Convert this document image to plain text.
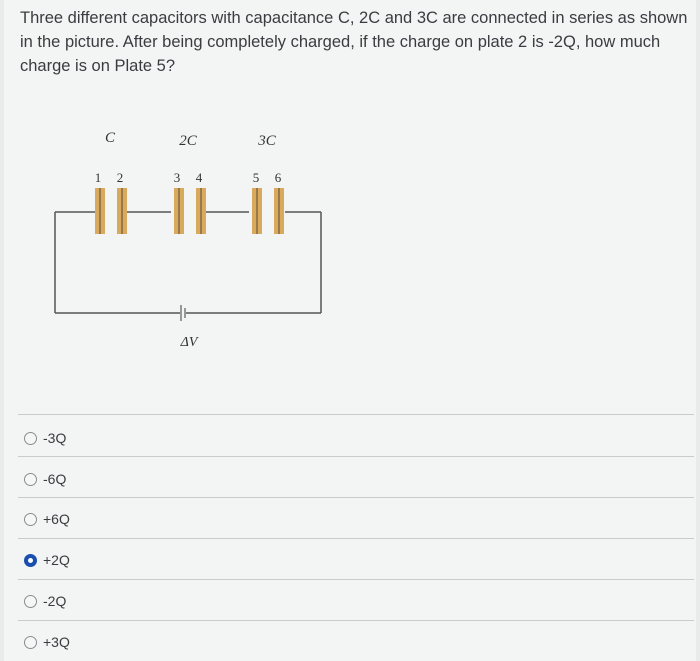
Three different capacitors with capacitance C, 2C and 3C are connected in series as shown in the picture. After being completely charged, if the charge on plate 2 is -2Q, how much charge is on Plate 5?
C	2C	3C
1 2	3 4	5 6
ΔV
-3Q
-6Q
+6Q
+2Q
-2Q
+3Q
